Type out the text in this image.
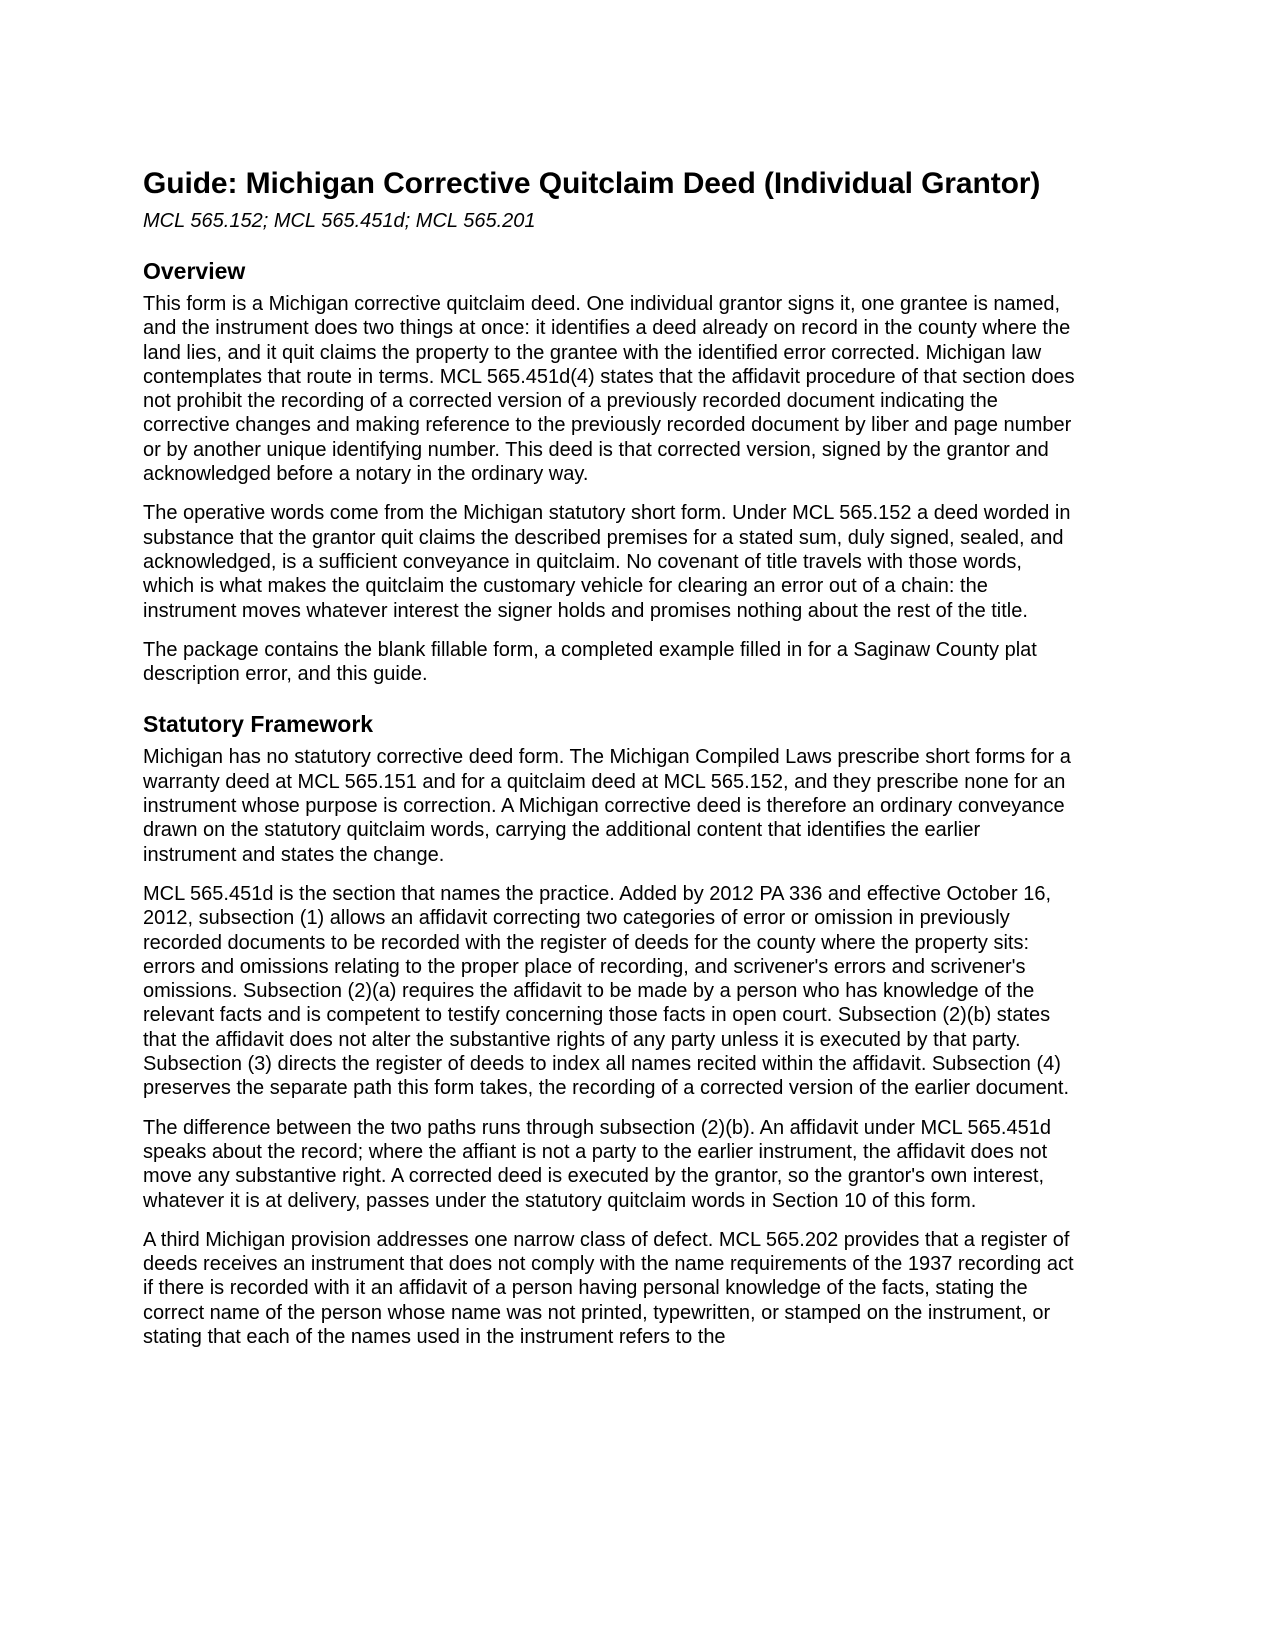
Guide: Michigan Corrective Quitclaim Deed (Individual Grantor)
MCL 565.152; MCL 565.451d; MCL 565.201
Overview

This form is a Michigan corrective quitclaim deed. One individual grantor signs it, one grantee is named, and the instrument does two things at once: it identifies a deed already on record in the county where the land lies, and it quit claims the property to the grantee with the identified error corrected. Michigan law contemplates that route in terms. MCL 565.451d(4) states that the affidavit procedure of that section does not prohibit the recording of a corrected version of a previously recorded document indicating the corrective changes and making reference to the previously recorded document by liber and page number or by another unique identifying number. This deed is that corrected version, signed by the grantor and acknowledged before a notary in the ordinary way.

The operative words come from the Michigan statutory short form. Under MCL 565.152 a deed worded in substance that the grantor quit claims the described premises for a stated sum, duly signed, sealed, and acknowledged, is a sufficient conveyance in quitclaim. No covenant of title travels with those words, which is what makes the quitclaim the customary vehicle for clearing an error out of a chain: the instrument moves whatever interest the signer holds and promises nothing about the rest of the title.

The package contains the blank fillable form, a completed example filled in for a Saginaw County plat description error, and this guide.

Statutory Framework

Michigan has no statutory corrective deed form. The Michigan Compiled Laws prescribe short forms for a warranty deed at MCL 565.151 and for a quitclaim deed at MCL 565.152, and they prescribe none for an instrument whose purpose is correction. A Michigan corrective deed is therefore an ordinary conveyance drawn on the statutory quitclaim words, carrying the additional content that identifies the earlier instrument and states the change.

MCL 565.451d is the section that names the practice. Added by 2012 PA 336 and effective October 16, 2012, subsection (1) allows an affidavit correcting two categories of error or omission in previously recorded documents to be recorded with the register of deeds for the county where the property sits: errors and omissions relating to the proper place of recording, and scrivener's errors and scrivener's omissions. Subsection (2)(a) requires the affidavit to be made by a person who has knowledge of the relevant facts and is competent to testify concerning those facts in open court. Subsection (2)(b) states that the affidavit does not alter the substantive rights of any party unless it is executed by that party. Subsection (3) directs the register of deeds to index all names recited within the affidavit. Subsection (4) preserves the separate path this form takes, the recording of a corrected version of the earlier document.

The difference between the two paths runs through subsection (2)(b). An affidavit under MCL 565.451d speaks about the record; where the affiant is not a party to the earlier instrument, the affidavit does not move any substantive right. A corrected deed is executed by the grantor, so the grantor's own interest, whatever it is at delivery, passes under the statutory quitclaim words in Section 10 of this form.

A third Michigan provision addresses one narrow class of defect. MCL 565.202 provides that a register of deeds receives an instrument that does not comply with the name requirements of the 1937 recording act if there is recorded with it an affidavit of a person having personal knowledge of the facts, stating the correct name of the person whose name was not printed, typewritten, or stamped on the instrument, or stating that each of the names used in the instrument refers to the
